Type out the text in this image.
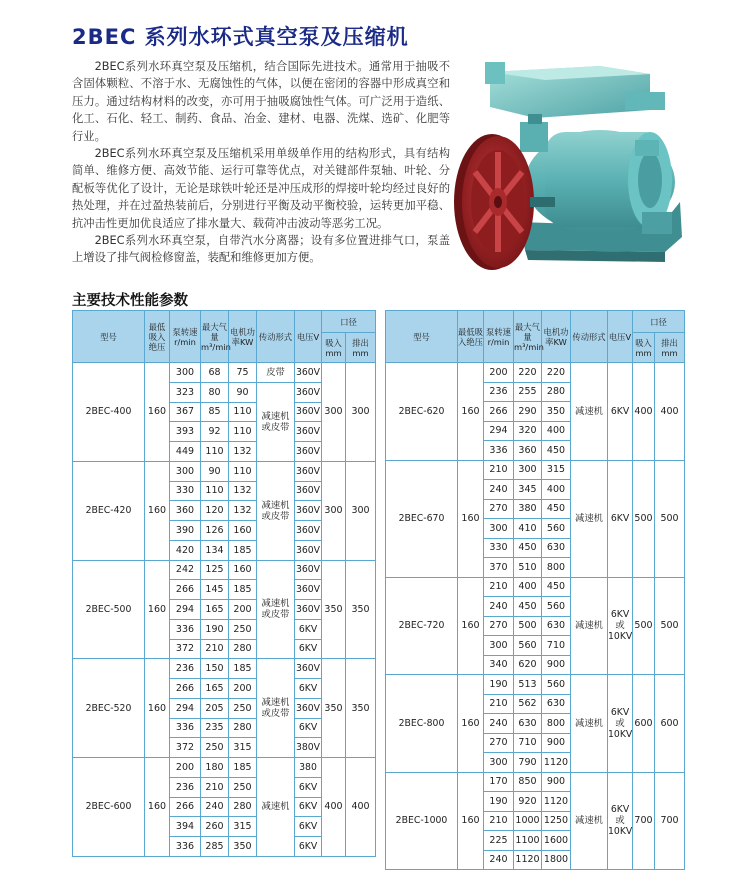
2BEC 系列水环式真空泵及压缩机

2BEC系列水环真空泵及压缩机，结合国际先进技术。通常用于抽吸不含固体颗粒、不溶于水、无腐蚀性的气体，以便在密闭的容器中形成真空和压力。通过结构材料的改变，亦可用于抽吸腐蚀性气体。可广泛用于造纸、化工、石化、轻工、制药、食品、冶金、建材、电器、洗煤、选矿、化肥等行业。

2BEC系列水环真空泵及压缩机采用单级单作用的结构形式，具有结构简单、维修方便、高效节能、运行可靠等优点，对关键部件泵轴、叶轮、分配板等优化了设计，无论是球铁叶轮还是冲压成形的焊接叶轮均经过良好的热处理，并在过盈热装前后，分别进行平衡及动平衡校验，运转更加平稳、抗冲击性更加优良适应了排水量大、载荷冲击波动等恶劣工况。

2BEC系列水环真空泵，自带汽水分离器；设有多位置进排气口，泵盖上增设了排气阀检修窗盖，装配和维修更加方便。

主要技术性能参数
型号	最低吸入绝压	泵转速r/min	最大气量
m³/min	电机功率KW	传动形式	电压V	口径	
							吸入mm	排出mm
2BEC-400	160	300	68	75	皮带	360V	300	300
		323	80	90	减速机或皮带	360V		
		367	85	110		360V		
		393	92	110		360V		
		449	110	132		360V		
2BEC-420	160	300	90	110	减速机或皮带	360V	300	300
		330	110	132		360V		
		360	120	132		360V		
		390	126	160		360V		
		420	134	185		360V		
2BEC-500	160	242	125	160	减速机或皮带	360V	350	350
		266	145	185		360V		
		294	165	200		360V		
		336	190	250		6KV		
		372	210	280		6KV		
2BEC-520	160	236	150	185	减速机或皮带	360V	350	350
		266	165	200		6KV		
		294	205	250		360V		
		336	235	280		6KV		
		372	250	315		380V		
2BEC-600	160	200	180	185	减速机	380	400	400
		236	210	250		6KV		
		266	240	280		6KV		
		394	260	315		6KV		
		336	285	350		6KV		
型号	最低吸入绝压	泵转速r/min	最大气量
m³/min	电机功率KW	传动形式	电压V	口径	
							吸入mm	排出mm
2BEC-620	160	200	220	220	减速机	6KV	400	400
		236	255	280				
		266	290	350				
		294	320	400				
		336	360	450				
2BEC-670	160	210	300	315	减速机	6KV	500	500
		240	345	400				
		270	380	450				
		300	410	560				
		330	450	630				
		370	510	800				
2BEC-720	160	210	400	450	减速机	6KV或10KV	500	500
		240	450	560				
		270	500	630				
		300	560	710				
		340	620	900				
2BEC-800	160	190	513	560	减速机	6KV或10KV	600	600
		210	562	630				
		240	630	800				
		270	710	900				
		300	790	1120				
2BEC-1000	160	170	850	900	减速机	6KV或10KV	700	700
		190	920	1120				
		210	1000	1250				
		225	1100	1600				
		240	1120	1800				
